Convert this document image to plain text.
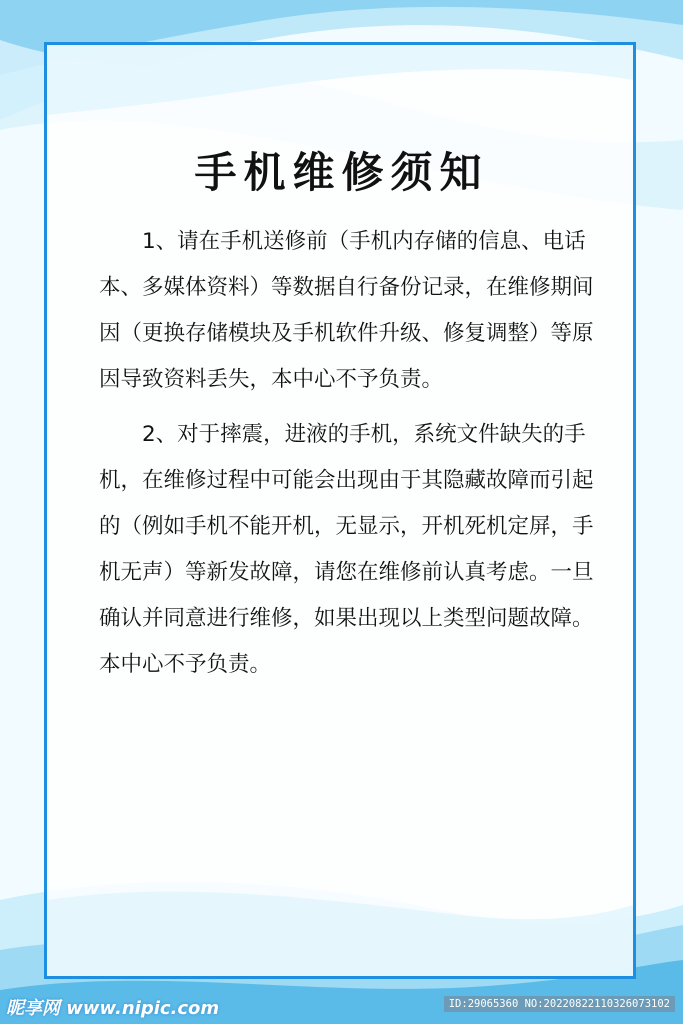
手机维修须知

1、请在手机送修前（手机内存储的信息、电话本、多媒体资料）等数据自行备份记录，在维修期间因（更换存储模块及手机软件升级、修复调整）等原因导致资料丢失，本中心不予负责。

2、对于摔震，进液的手机，系统文件缺失的手机，在维修过程中可能会出现由于其隐藏故障而引起的（例如手机不能开机，无显示，开机死机定屏，手机无声）等新发故障，请您在维修前认真考虑。一旦确认并同意进行维修，如果出现以上类型问题故障。本中心不予负责。

昵享网 www.nipic.com	ID:29065360 NO:20220822110326073102
